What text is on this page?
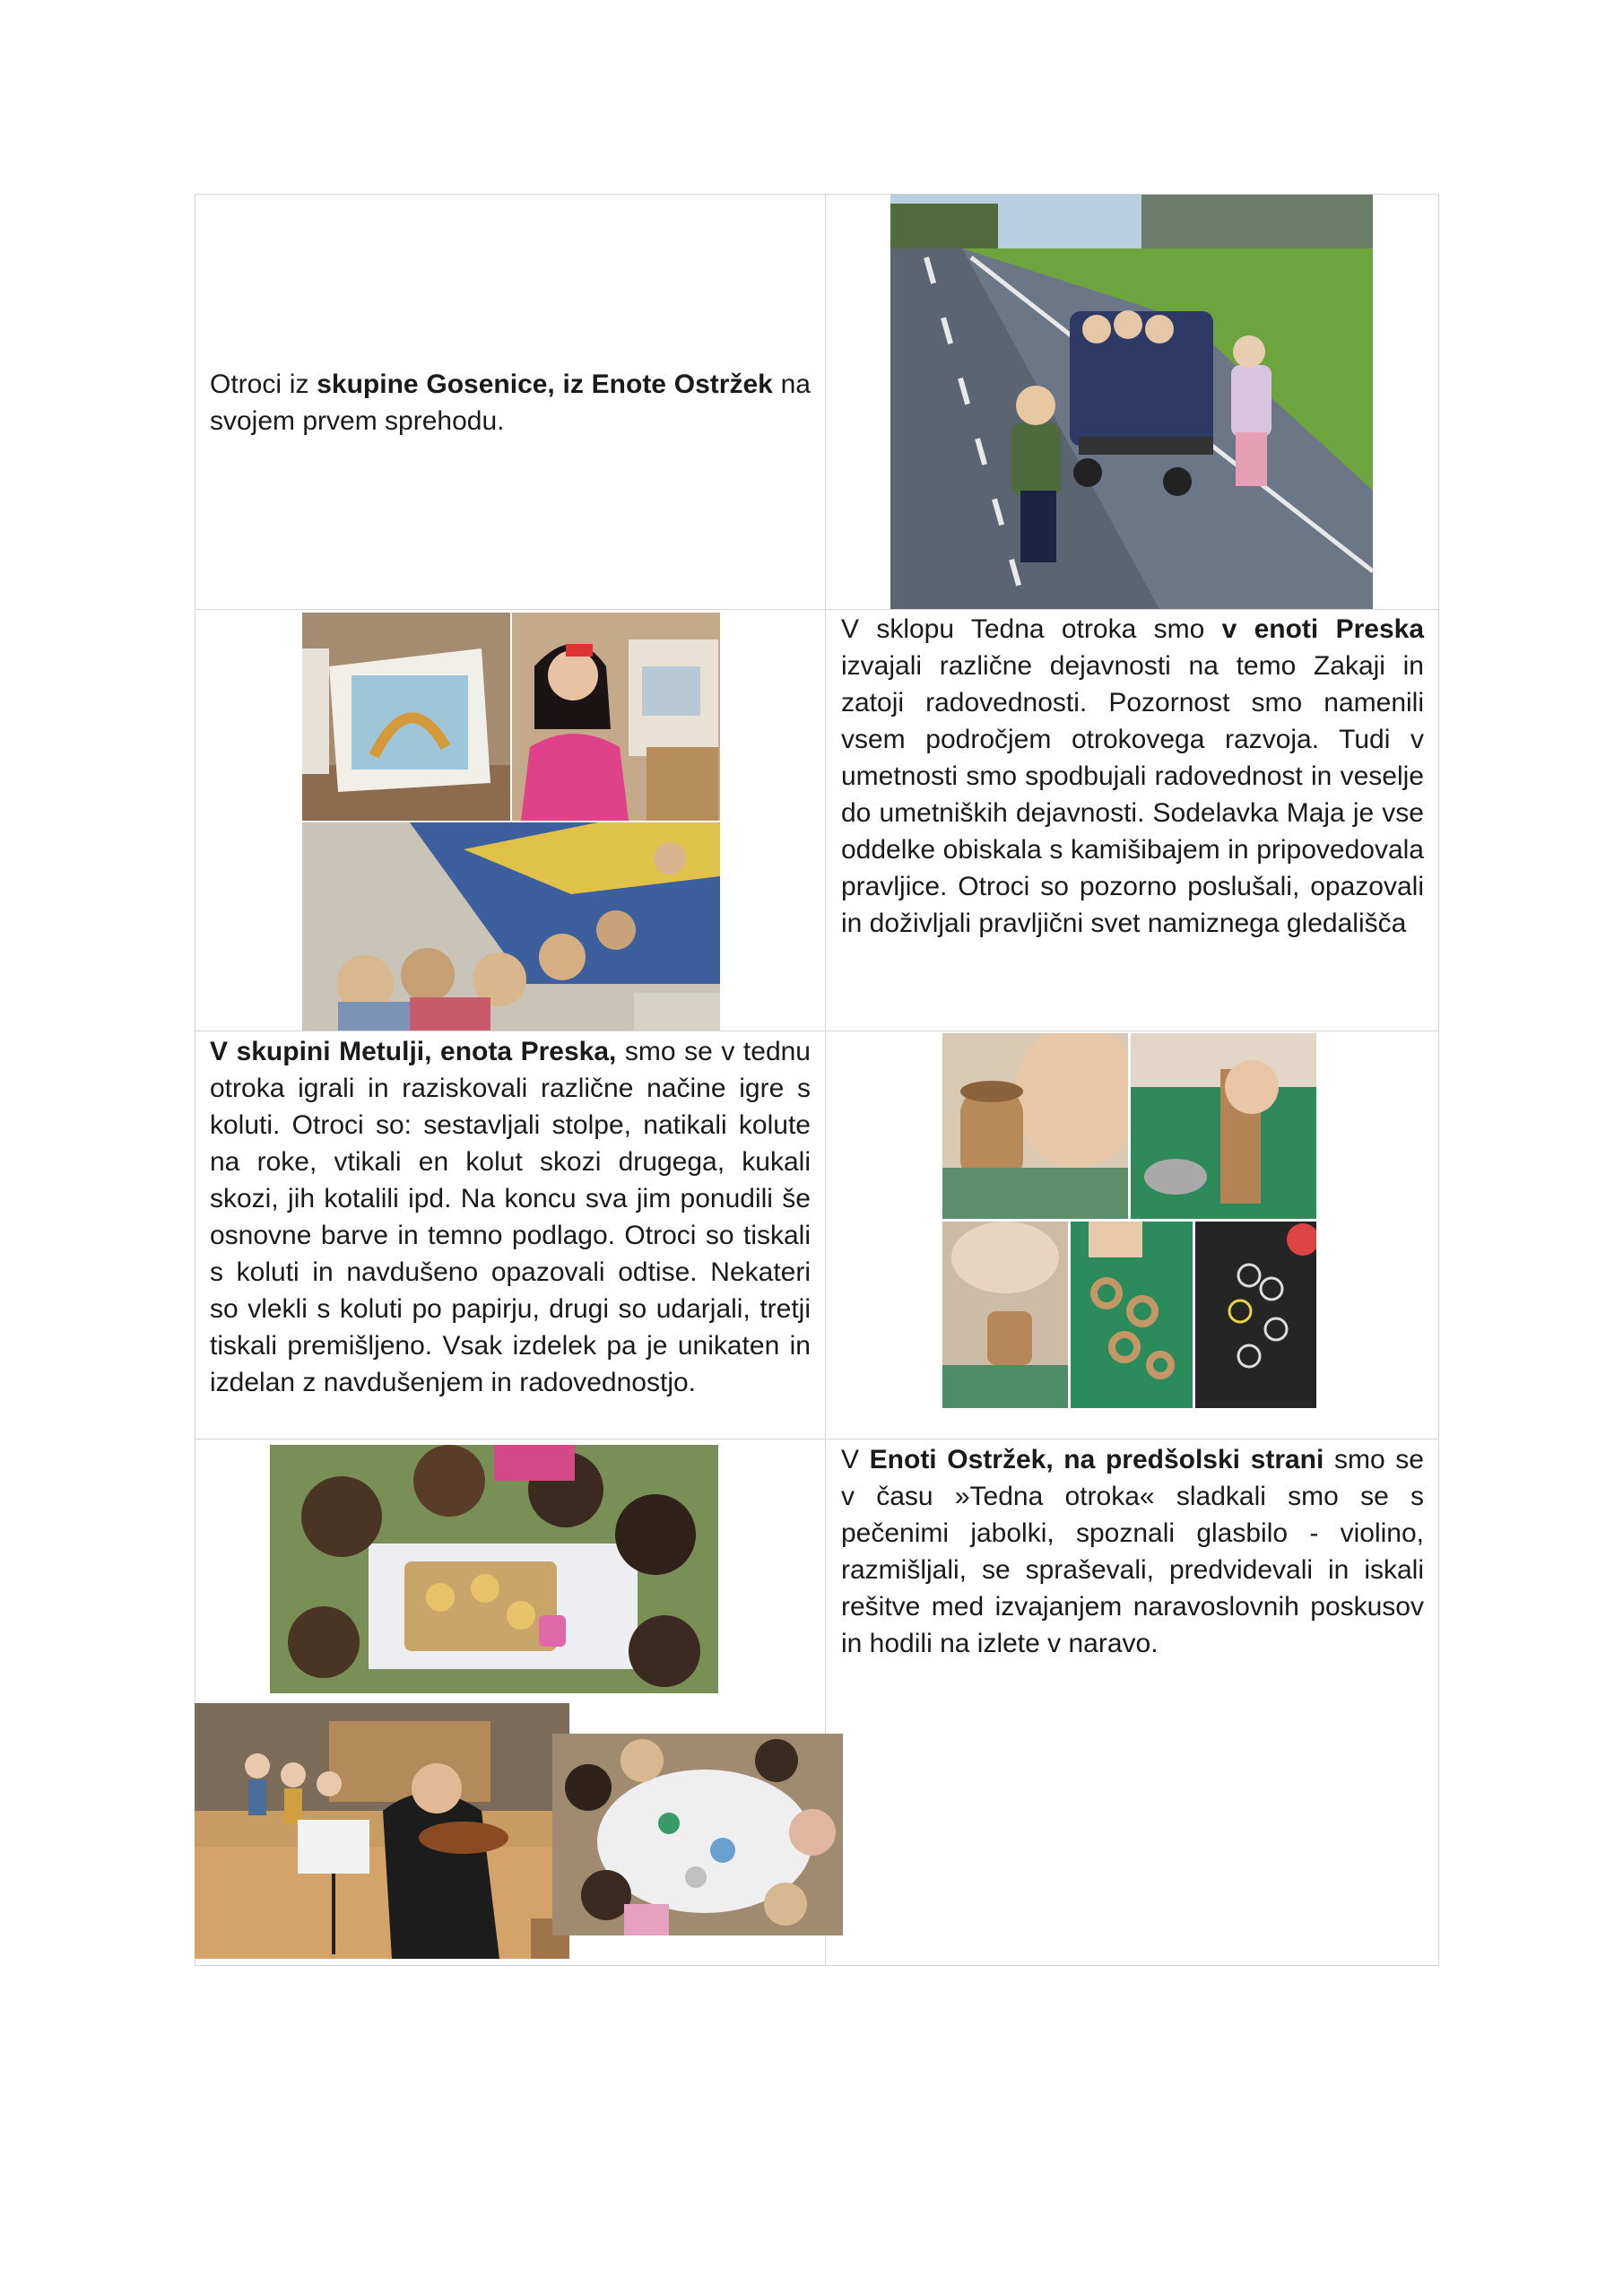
Otroci iz skupine Gosenice, iz Enote Ostržek na svojem prvem sprehodu.
V sklopu Tedna otroka smo v enoti Preska izvajali različne dejavnosti na temo Zakaji in zatoji radovednosti. Pozornost smo namenili vsem področjem otrokovega razvoja. Tudi v umetnosti smo spodbujali radovednost in veselje do umetniških dejavnosti. Sodelavka Maja je vse oddelke obiskala s kamišibajem in pripovedovala pravljice. Otroci so pozorno poslušali, opazovali in doživljali pravljični svet namiznega gledališča
V skupini Metulji, enota Preska, smo se v tednu otroka igrali in raziskovali različne načine igre s koluti. Otroci so: sestavljali stolpe, natikali kolute na roke, vtikali en kolut skozi drugega, kukali skozi, jih kotalili ipd. Na koncu sva jim ponudili še osnovne barve in temno podlago. Otroci so tiskali s koluti in navdušeno opazovali odtise. Nekateri so vlekli s koluti po papirju, drugi so udarjali, tretji tiskali premišljeno. Vsak izdelek pa je unikaten in izdelan z navdušenjem in radovednostjo.
V Enoti Ostržek, na predšolski strani smo se v času »Tedna otroka« sladkali smo se s pečenimi jabolki, spoznali glasbilo - violino, razmišljali, se spraševali, predvidevali in iskali rešitve med izvajanjem naravoslovnih poskusov in hodili na izlete v naravo.
